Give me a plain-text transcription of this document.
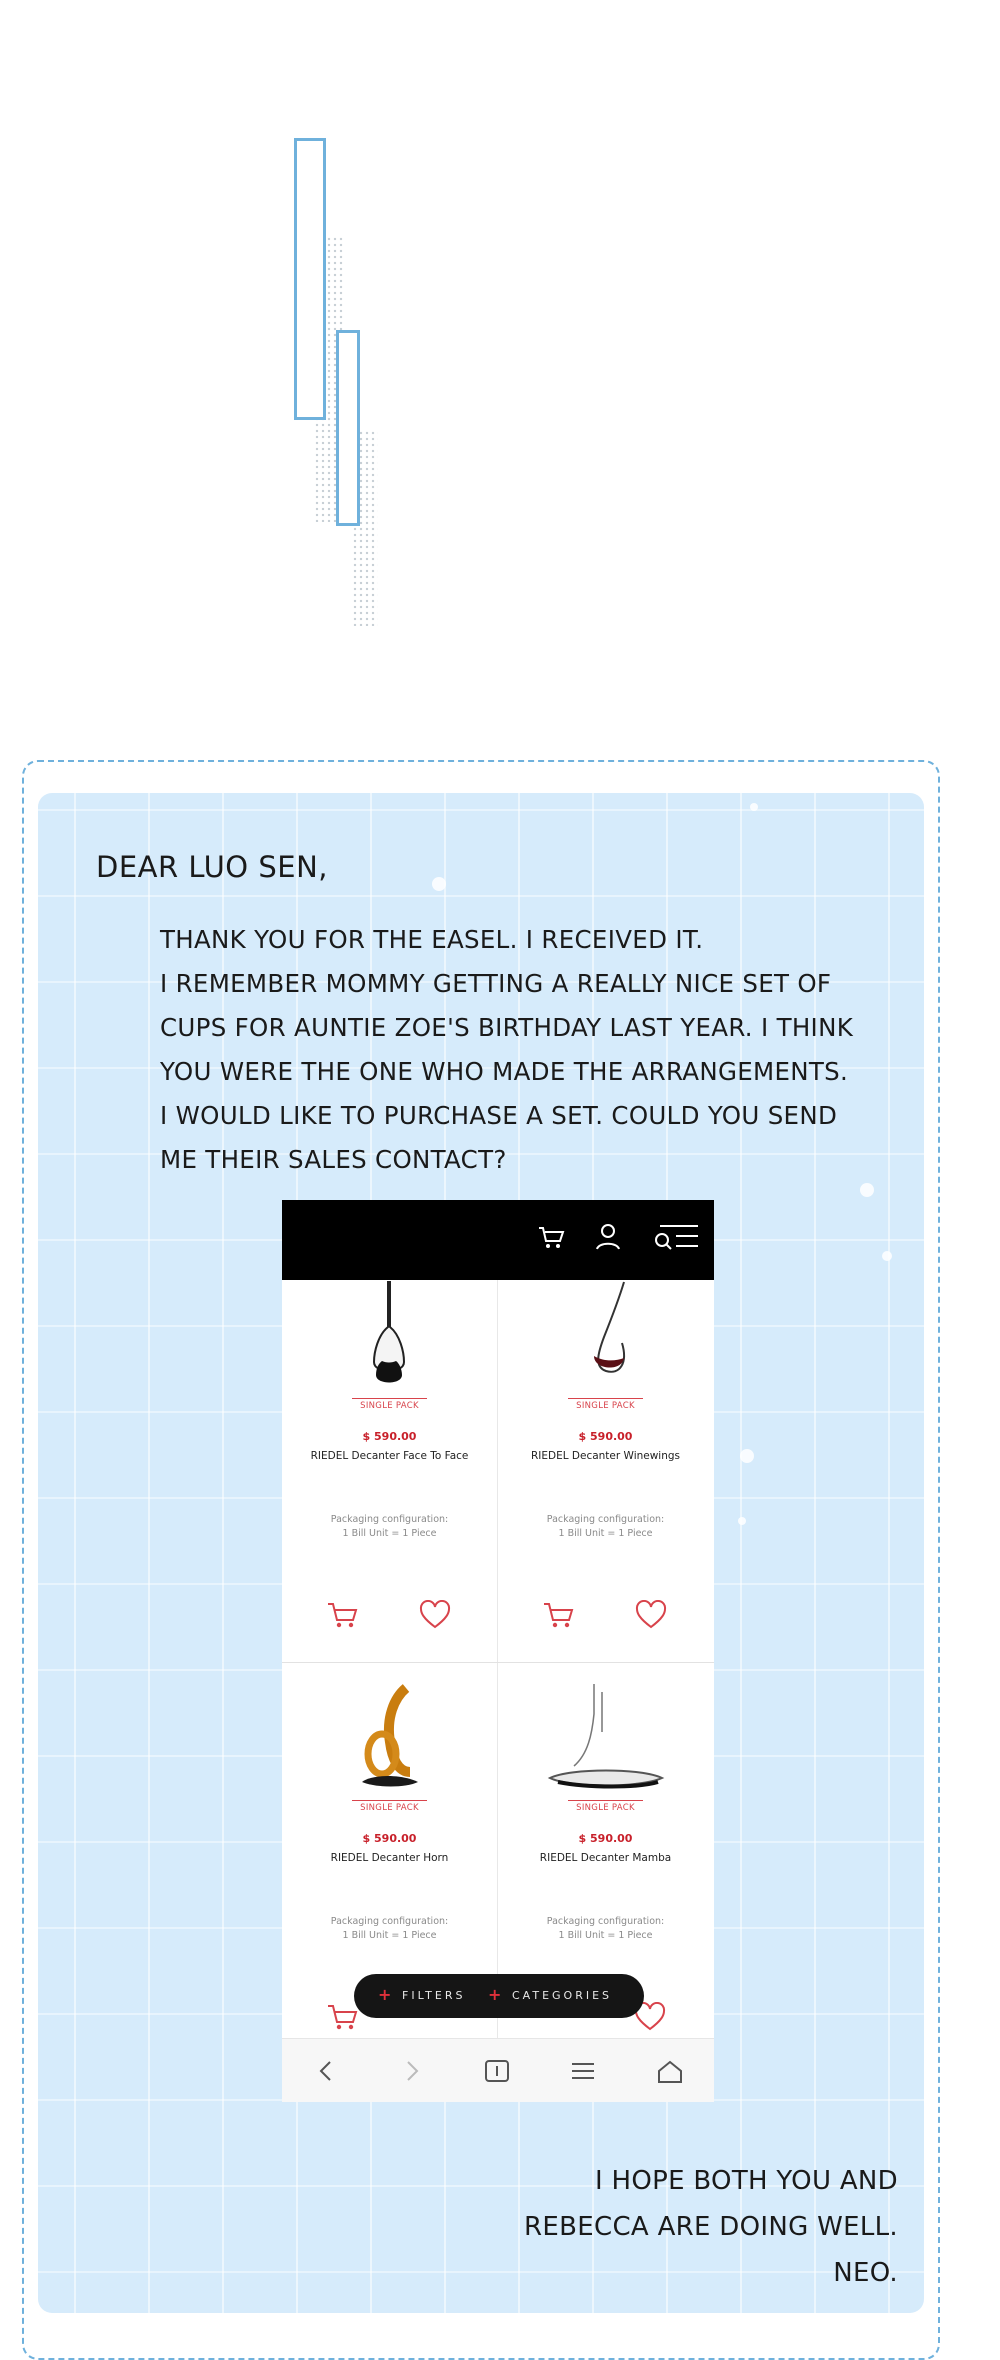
DEAR LUO SEN,

THANK YOU FOR THE EASEL. I RECEIVED IT.

I REMEMBER MOMMY GETTING A REALLY NICE SET OF

CUPS FOR AUNTIE ZOE'S BIRTHDAY LAST YEAR. I THINK

YOU WERE THE ONE WHO MADE THE ARRANGEMENTS.

I WOULD LIKE TO PURCHASE A SET. COULD YOU SEND

ME THEIR SALES CONTACT?

SINGLE PACK
$ 590.00
RIEDEL Decanter Face To Face
Packaging configuration:
1 Bill Unit = 1 Piece
SINGLE PACK
$ 590.00
RIEDEL Decanter Winewings
Packaging configuration:
1 Bill Unit = 1 Piece
SINGLE PACK
$ 590.00
RIEDEL Decanter Horn
Packaging configuration:
1 Bill Unit = 1 Piece
SINGLE PACK
$ 590.00
RIEDEL Decanter Mamba
Packaging configuration:
1 Bill Unit = 1 Piece
+ FILTERS + CATEGORIES

I HOPE BOTH YOU AND

REBECCA ARE DOING WELL.

NEO.
